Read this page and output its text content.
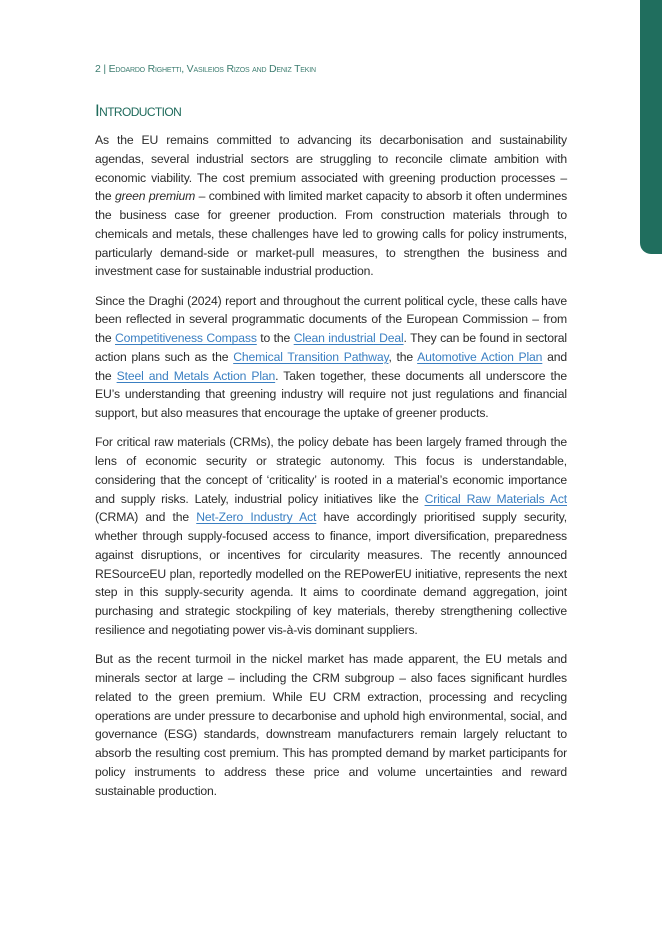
2 | Edoardo Righetti, Vasileios Rizos and Deniz Tekin
Introduction

As the EU remains committed to advancing its decarbonisation and sustainability agendas, several industrial sectors are struggling to reconcile climate ambition with economic viability. The cost premium associated with greening production processes – the green premium – combined with limited market capacity to absorb it often undermines the business case for greener production. From construction materials through to chemicals and metals, these challenges have led to growing calls for policy instruments, particularly demand-side or market-pull measures, to strengthen the business and investment case for sustainable industrial production.

Since the Draghi (2024) report and throughout the current political cycle, these calls have been reflected in several programmatic documents of the European Commission – from the Competitiveness Compass to the Clean industrial Deal. They can be found in sectoral action plans such as the Chemical Transition Pathway, the Automotive Action Plan and the Steel and Metals Action Plan. Taken together, these documents all underscore the EU’s understanding that greening industry will require not just regulations and financial support, but also measures that encourage the uptake of greener products.

For critical raw materials (CRMs), the policy debate has been largely framed through the lens of economic security or strategic autonomy. This focus is understandable, considering that the concept of ‘criticality’ is rooted in a material’s economic importance and supply risks. Lately, industrial policy initiatives like the Critical Raw Materials Act (CRMA) and the Net-Zero Industry Act have accordingly prioritised supply security, whether through supply-focused access to finance, import diversification, preparedness against disruptions, or incentives for circularity measures. The recently announced RESourceEU plan, reportedly modelled on the REPowerEU initiative, represents the next step in this supply-security agenda. It aims to coordinate demand aggregation, joint purchasing and strategic stockpiling of key materials, thereby strengthening collective resilience and negotiating power vis-à-vis dominant suppliers.

But as the recent turmoil in the nickel market has made apparent, the EU metals and minerals sector at large – including the CRM subgroup – also faces significant hurdles related to the green premium. While EU CRM extraction, processing and recycling operations are under pressure to decarbonise and uphold high environmental, social, and governance (ESG) standards, downstream manufacturers remain largely reluctant to absorb the resulting cost premium. This has prompted demand by market participants for policy instruments to address these price and volume uncertainties and reward sustainable production.
